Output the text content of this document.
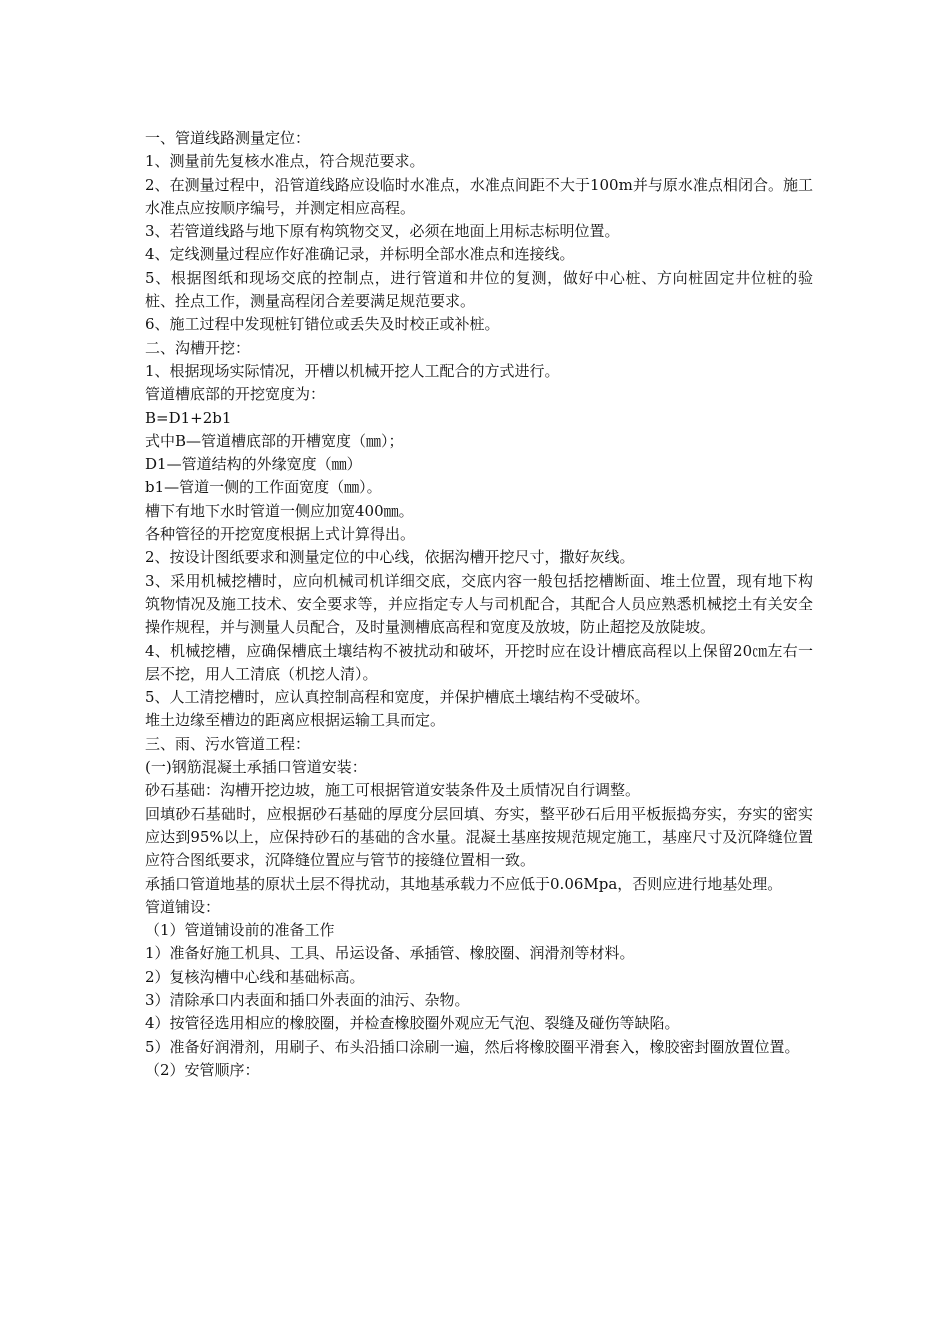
一、管道线路测量定位：

1、测量前先复核水准点，符合规范要求。

2、在测量过程中，沿管道线路应设临时水准点，水准点间距不大于100m并与原水准点相闭合。施工水准点应按顺序编号，并测定相应高程。

3、若管道线路与地下原有构筑物交叉，必须在地面上用标志标明位置。

4、定线测量过程应作好准确记录，并标明全部水准点和连接线。

5、根据图纸和现场交底的控制点，进行管道和井位的复测，做好中心桩、方向桩固定井位桩的验桩、拴点工作，测量高程闭合差要满足规范要求。

6、施工过程中发现桩钉错位或丢失及时校正或补桩。

二、沟槽开挖：

1、根据现场实际情况，开槽以机械开挖人工配合的方式进行。

管道槽底部的开挖宽度为：

B=D1+2b1

式中B—管道槽底部的开槽宽度（㎜）；

D1—管道结构的外缘宽度（㎜）

b1—管道一侧的工作面宽度（㎜）。

槽下有地下水时管道一侧应加宽400㎜。

各种管径的开挖宽度根据上式计算得出。

2、按设计图纸要求和测量定位的中心线，依据沟槽开挖尺寸，撒好灰线。

3、采用机械挖槽时，应向机械司机详细交底，交底内容一般包括挖槽断面、堆土位置，现有地下构筑物情况及施工技术、安全要求等，并应指定专人与司机配合，其配合人员应熟悉机械挖土有关安全操作规程，并与测量人员配合，及时量测槽底高程和宽度及放坡，防止超挖及放陡坡。

4、机械挖槽，应确保槽底土壤结构不被扰动和破坏，开挖时应在设计槽底高程以上保留20㎝左右一层不挖，用人工清底（机挖人清）。

5、人工清挖槽时，应认真控制高程和宽度，并保护槽底土壤结构不受破坏。

堆土边缘至槽边的距离应根据运输工具而定。

三、雨、污水管道工程：

(一)钢筋混凝土承插口管道安装：

砂石基础：沟槽开挖边坡，施工可根据管道安装条件及土质情况自行调整。

回填砂石基础时，应根据砂石基础的厚度分层回填、夯实，整平砂石后用平板振捣夯实，夯实的密实应达到95%以上，应保持砂石的基础的含水量。混凝土基座按规范规定施工，基座尺寸及沉降缝位置应符合图纸要求，沉降缝位置应与管节的接缝位置相一致。

承插口管道地基的原状土层不得扰动，其地基承载力不应低于0.06Mpa，否则应进行地基处理。

管道铺设：

（1）管道铺设前的准备工作

1）准备好施工机具、工具、吊运设备、承插管、橡胶圈、润滑剂等材料。

2）复核沟槽中心线和基础标高。

3）清除承口内表面和插口外表面的油污、杂物。

4）按管径选用相应的橡胶圈，并检查橡胶圈外观应无气泡、裂缝及碰伤等缺陷。

5）准备好润滑剂，用刷子、布头沿插口涂刷一遍，然后将橡胶圈平滑套入，橡胶密封圈放置位置。

（2）安管顺序：
